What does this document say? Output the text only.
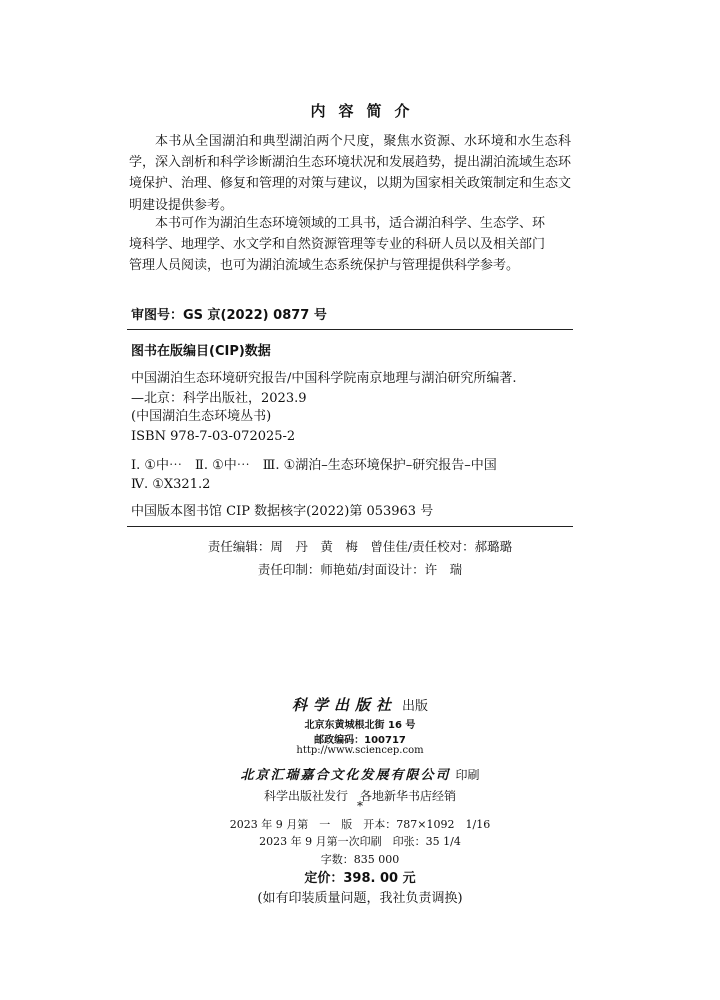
内容简介

本书从全国湖泊和典型湖泊两个尺度，聚焦水资源、水环境和水生态科学，深入剖析和科学诊断湖泊生态环境状况和发展趋势，提出湖泊流域生态环境保护、治理、修复和管理的对策与建议，以期为国家相关政策制定和生态文明建设提供参考。

本书可作为湖泊生态环境领域的工具书，适合湖泊科学、生态学、环
境科学、地理学、水文学和自然资源管理等专业的科研人员以及相关部门
管理人员阅读，也可为湖泊流域生态系统保护与管理提供科学参考。

审图号：GS 京(2022) 0877 号
图书在版编目(CIP)数据
中国湖泊生态环境研究报告/中国科学院南京地理与湖泊研究所编著.
—北京：科学出版社，2023.9
(中国湖泊生态环境丛书)
ISBN 978-7-03-072025-2
Ⅰ. ①中⋯　Ⅱ. ①中⋯　Ⅲ. ①湖泊–生态环境保护–研究报告–中国
Ⅳ. ①X321.2
中国版本图书馆 CIP 数据核字(2022)第 053963 号
责任编辑：周　丹　黄　梅　曾佳佳/责任校对：郝璐璐
责任印制：师艳茹/封面设计：许　瑞
科学出版社 出版
北京东黄城根北街 16 号
邮政编码：100717
http://www.sciencep.com
北京汇瑞嘉合文化发展有限公司 印刷
科学出版社发行　各地新华书店经销
*
2023 年 9 月第　一　版　开本：787×1092　1/16
2023 年 9 月第一次印刷　印张：35 1/4
字数：835 000
定价：398. 00 元
(如有印装质量问题，我社负责调换)
